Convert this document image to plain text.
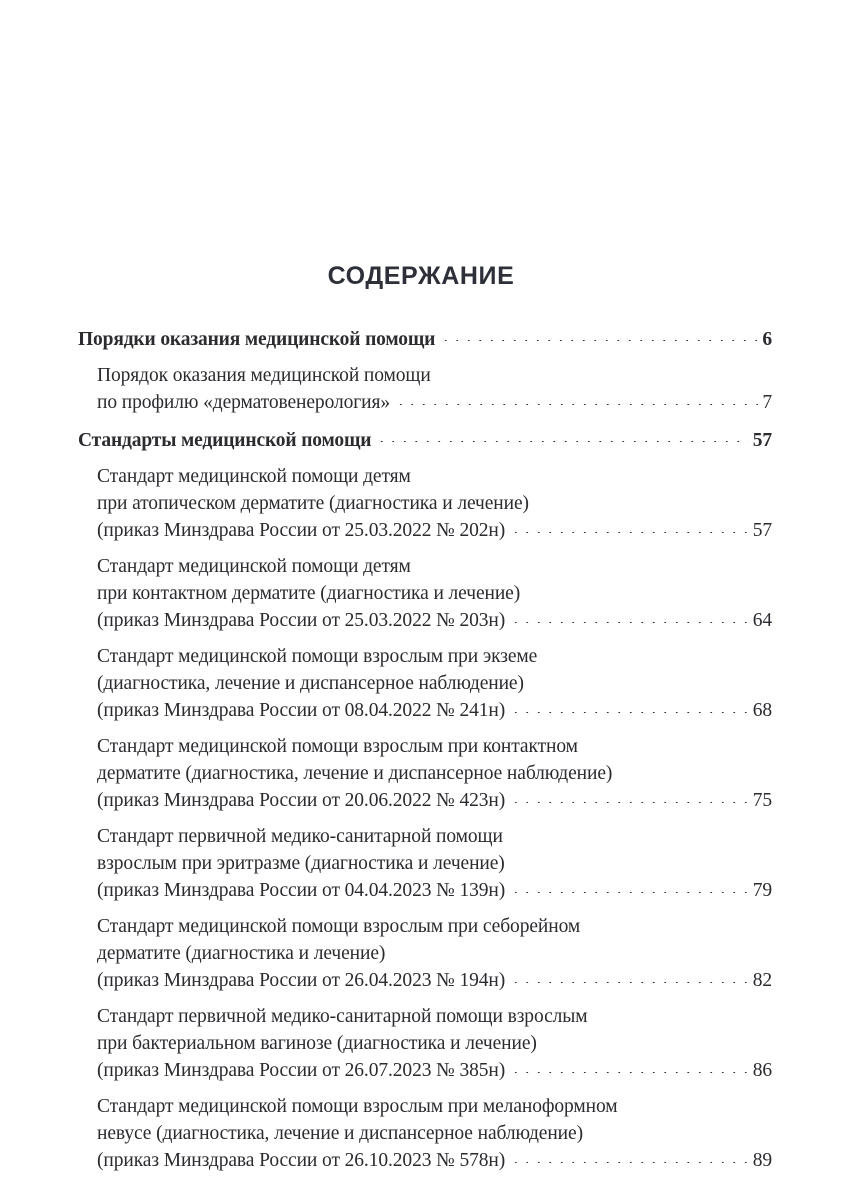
СОДЕРЖАНИЕ
Порядки оказания медицинской помощи	6
Порядок оказания медицинской помощи
по профилю «дерматовенерология»	7
Стандарты медицинской помощи	57
Стандарт медицинской помощи детям
при атопическом дерматите (диагностика и лечение)
(приказ Минздрава России от 25.03.2022 № 202н)	57
Стандарт медицинской помощи детям
при контактном дерматите (диагностика и лечение)
(приказ Минздрава России от 25.03.2022 № 203н)	64
Стандарт медицинской помощи взрослым при экземе
(диагностика, лечение и диспансерное наблюдение)
(приказ Минздрава России от 08.04.2022 № 241н)	68
Стандарт медицинской помощи взрослым при контактном
дерматите (диагностика, лечение и диспансерное наблюдение)
(приказ Минздрава России от 20.06.2022 № 423н)	75
Стандарт первичной медико-санитарной помощи
взрослым при эритразме (диагностика и лечение)
(приказ Минздрава России от 04.04.2023 № 139н)	79
Стандарт медицинской помощи взрослым при себорейном
дерматите (диагностика и лечение)
(приказ Минздрава России от 26.04.2023 № 194н)	82
Стандарт первичной медико-санитарной помощи взрослым
при бактериальном вагинозе (диагностика и лечение)
(приказ Минздрава России от 26.07.2023 № 385н)	86
Стандарт медицинской помощи взрослым при меланоформном
невусе (диагностика, лечение и диспансерное наблюдение)
(приказ Минздрава России от 26.10.2023 № 578н)	89
